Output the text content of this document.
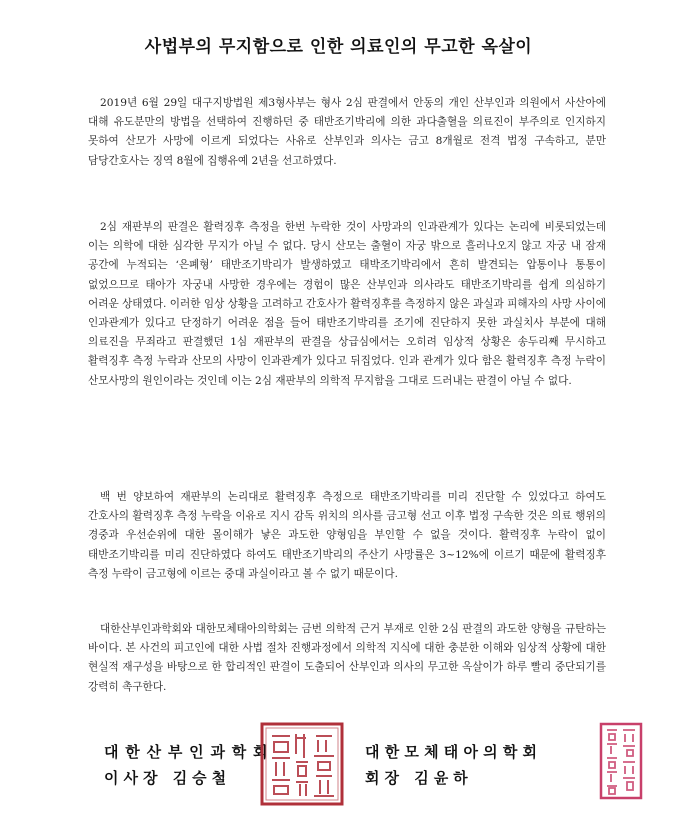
사법부의 무지함으로 인한 의료인의 무고한 옥살이

2019년 6월 29일 대구지방법원 제3형사부는 형사 2심 판결에서 안동의 개인 산부인과 의원에서 사산아에 대해 유도분만의 방법을 선택하여 진행하던 중 태반조기박리에 의한 과다출혈을 의료진이 부주의로 인지하지 못하여 산모가 사망에 이르게 되었다는 사유로 산부인과 의사는 금고 8개월로 전격 법정 구속하고, 분만 담당간호사는 징역 8월에 집행유예 2년을 선고하였다.

2심 재판부의 판결은 활력징후 측정을 한번 누락한 것이 사망과의 인과관계가 있다는 논리에 비롯되었는데 이는 의학에 대한 심각한 무지가 아닐 수 없다. 당시 산모는 출혈이 자궁 밖으로 흘러나오지 않고 자궁 내 잠재 공간에 누적되는 ‘은폐형’ 태반조기박리가 발생하였고 태박조기박리에서 흔히 발견되는 압통이나 통통이 없었으므로 태아가 자궁내 사망한 경우에는 경험이 많은 산부인과 의사라도 태반조기박리를 쉽게 의심하기 어려운 상태였다. 이러한 임상 상황을 고려하고 간호사가 활력징후를 측정하지 않은 과실과 피해자의 사망 사이에 인과관계가 있다고 단정하기 어려운 점을 들어 태반조기박리를 조기에 진단하지 못한 과실치사 부분에 대해 의료진을 무죄라고 판결했던 1심 재판부의 판결을 상급심에서는 오히려 임상적 상황은 송두리째 무시하고 활력징후 측정 누락과 산모의 사망이 인과관계가 있다고 뒤집었다. 인과 관계가 있다 함은 활력징후 측정 누락이 산모사망의 원인이라는 것인데 이는 2심 재판부의 의학적 무지함을 그대로 드러내는 판결이 아닐 수 없다.

백 번 양보하여 재판부의 논리대로 활력징후 측정으로 태반조기박리를 미리 진단할 수 있었다고 하여도 간호사의 활력징후 측정 누락을 이유로 지시 감독 위치의 의사를 금고형 선고 이후 법정 구속한 것은 의료 행위의 경중과 우선순위에 대한 몰이해가 낳은 과도한 양형임을 부인할 수 없을 것이다. 활력징후 누락이 없이 태반조기박리를 미리 진단하였다 하여도 태반조기박리의 주산기 사망률은 3~12%에 이르기 때문에 활력징후 측정 누락이 금고형에 이르는 중대 과실이라고 볼 수 없기 때문이다.

대한산부인과학회와 대한모체태아의학회는 금번 의학적 근거 부재로 인한 2심 판결의 과도한 양형을 규탄하는 바이다. 본 사건의 피고인에 대한 사법 절차 진행과정에서 의학적 지식에 대한 충분한 이해와 임상적 상황에 대한 현실적 재구성을 바탕으로 한 합리적인 판결이 도출되어 산부인과 의사의 무고한 옥살이가 하루 빨리 중단되기를 강력히 촉구한다.

대한산부인과학회
이사장 김승철
대한모체태아의학회
회장 김윤하
